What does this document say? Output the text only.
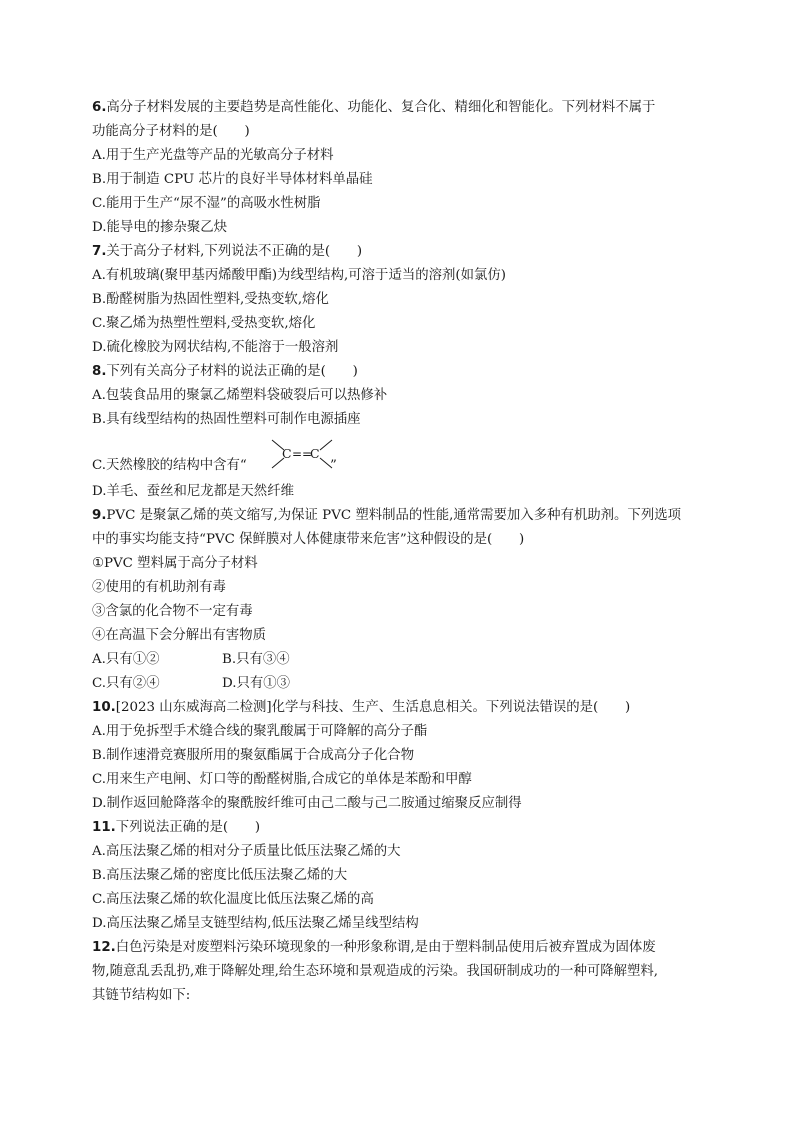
6.高分子材料发展的主要趋势是高性能化、功能化、复合化、精细化和智能化。下列材料不属于
功能高分子材料的是(　　)
A.用于生产光盘等产品的光敏高分子材料
B.用于制造 CPU 芯片的良好半导体材料单晶硅
C.能用于生产“尿不湿”的高吸水性树脂
D.能导电的掺杂聚乙炔
7.关于高分子材料,下列说法不正确的是(　　)
A.有机玻璃(聚甲基丙烯酸甲酯)为线型结构,可溶于适当的溶剂(如氯仿)
B.酚醛树脂为热固性塑料,受热变软,熔化
C.聚乙烯为热塑性塑料,受热变软,熔化
D.硫化橡胶为网状结构,不能溶于一般溶剂
8.下列有关高分子材料的说法正确的是(　　)
A.包装食品用的聚氯乙烯塑料袋破裂后可以热修补
B.具有线型结构的热固性塑料可制作电源插座
C.天然橡胶的结构中含有“	”
C ==
C
D.羊毛、蚕丝和尼龙都是天然纤维
9.PVC 是聚氯乙烯的英文缩写,为保证 PVC 塑料制品的性能,通常需要加入多种有机助剂。下列选项
中的事实均能支持“PVC 保鲜膜对人体健康带来危害”这种假设的是(　　)
①PVC 塑料属于高分子材料
②使用的有机助剂有毒
③含氯的化合物不一定有毒
④在高温下会分解出有害物质
A.只有①②	B.只有③④
C.只有②④	D.只有①③
10.[2023 山东威海高二检测]化学与科技、生产、生活息息相关。下列说法错误的是(　　)
A.用于免拆型手术缝合线的聚乳酸属于可降解的高分子酯
B.制作速滑竞赛服所用的聚氨酯属于合成高分子化合物
C.用来生产电闸、灯口等的酚醛树脂,合成它的单体是苯酚和甲醇
D.制作返回舱降落伞的聚酰胺纤维可由己二酸与己二胺通过缩聚反应制得
11.下列说法正确的是(　　)
A.高压法聚乙烯的相对分子质量比低压法聚乙烯的大
B.高压法聚乙烯的密度比低压法聚乙烯的大
C.高压法聚乙烯的软化温度比低压法聚乙烯的高
D.高压法聚乙烯呈支链型结构,低压法聚乙烯呈线型结构
12.白色污染是对废塑料污染环境现象的一种形象称谓,是由于塑料制品使用后被弃置成为固体废
物,随意乱丢乱扔,难于降解处理,给生态环境和景观造成的污染。我国研制成功的一种可降解塑料,
其链节结构如下:
